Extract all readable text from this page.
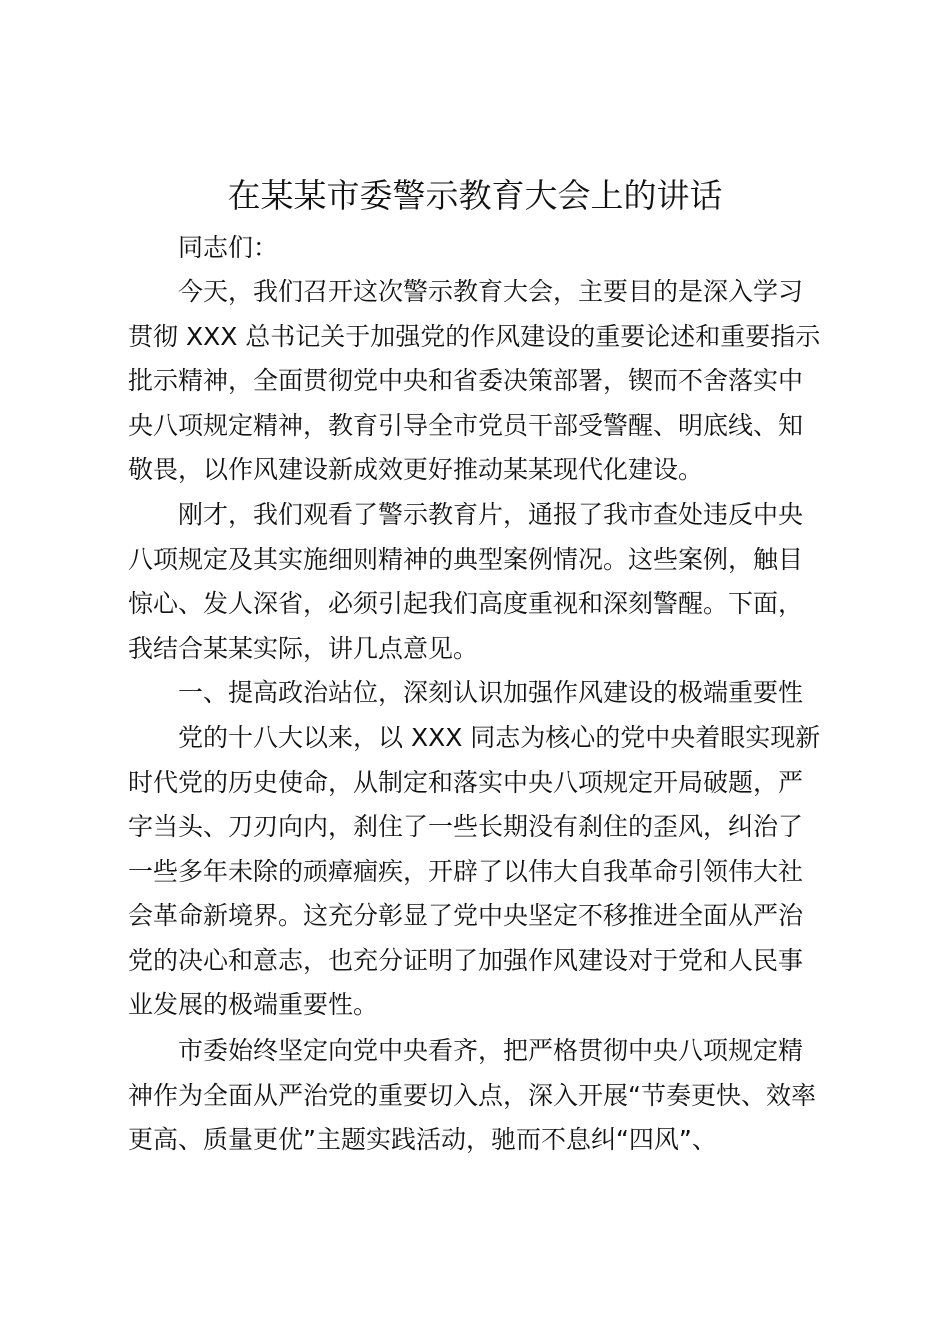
在某某市委警示教育大会上的讲话

同志们：

今天，我们召开这次警示教育大会，主要目的是深入学习
贯彻 XXX 总书记关于加强党的作风建设的重要论述和重要指示
批示精神，全面贯彻党中央和省委决策部署，锲而不舍落实中
央八项规定精神，教育引导全市党员干部受警醒、明底线、知
敬畏，以作风建设新成效更好推动某某现代化建设。

刚才，我们观看了警示教育片，通报了我市查处违反中央
八项规定及其实施细则精神的典型案例情况。这些案例，触目
惊心、发人深省，必须引起我们高度重视和深刻警醒。下面，
我结合某某实际，讲几点意见。

一、提高政治站位，深刻认识加强作风建设的极端重要性

党的十八大以来，以 XXX 同志为核心的党中央着眼实现新
时代党的历史使命，从制定和落实中央八项规定开局破题，严
字当头、刀刃向内，刹住了一些长期没有刹住的歪风，纠治了
一些多年未除的顽瘴痼疾，开辟了以伟大自我革命引领伟大社
会革命新境界。这充分彰显了党中央坚定不移推进全面从严治
党的决心和意志，也充分证明了加强作风建设对于党和人民事
业发展的极端重要性。

市委始终坚定向党中央看齐，把严格贯彻中央八项规定精
神作为全面从严治党的重要切入点，深入开展“节奏更快、效率
更高、质量更优”主题实践活动，驰而不息纠“四风”、
